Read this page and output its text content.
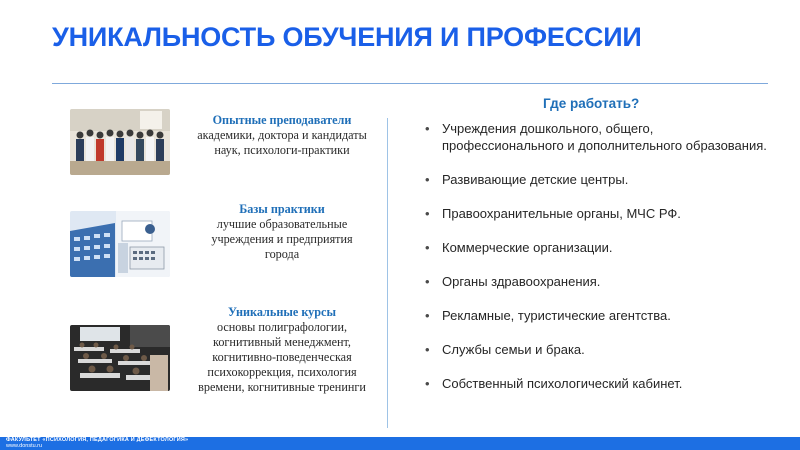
УНИКАЛЬНОСТЬ ОБУЧЕНИЯ И ПРОФЕССИИ
Опытные преподаватели
академики, доктора и кандидаты наук, психологи-практики
Базы практики
лучшие образовательные учреждения и предприятия города
Уникальные курсы
основы полиграфологии, когнитивный менеджмент, когнитивно-поведенческая психокоррекция, психология времени, когнитивные тренинги
Где работать?
• Учреждения дошкольного, общего, профессионального и дополнительного образования.
• Развивающие детские центры.
• Правоохранительные органы, МЧС РФ.
• Коммерческие организации.
• Органы здравоохранения.
• Рекламные, туристические агентства.
• Службы семьи и брака.
• Собственный психологический кабинет.
ФАКУЛЬТЕТ «ПСИХОЛОГИЯ, ПЕДАГОГИКА И ДЕФЕКТОЛОГИЯ»
www.donstu.ru
